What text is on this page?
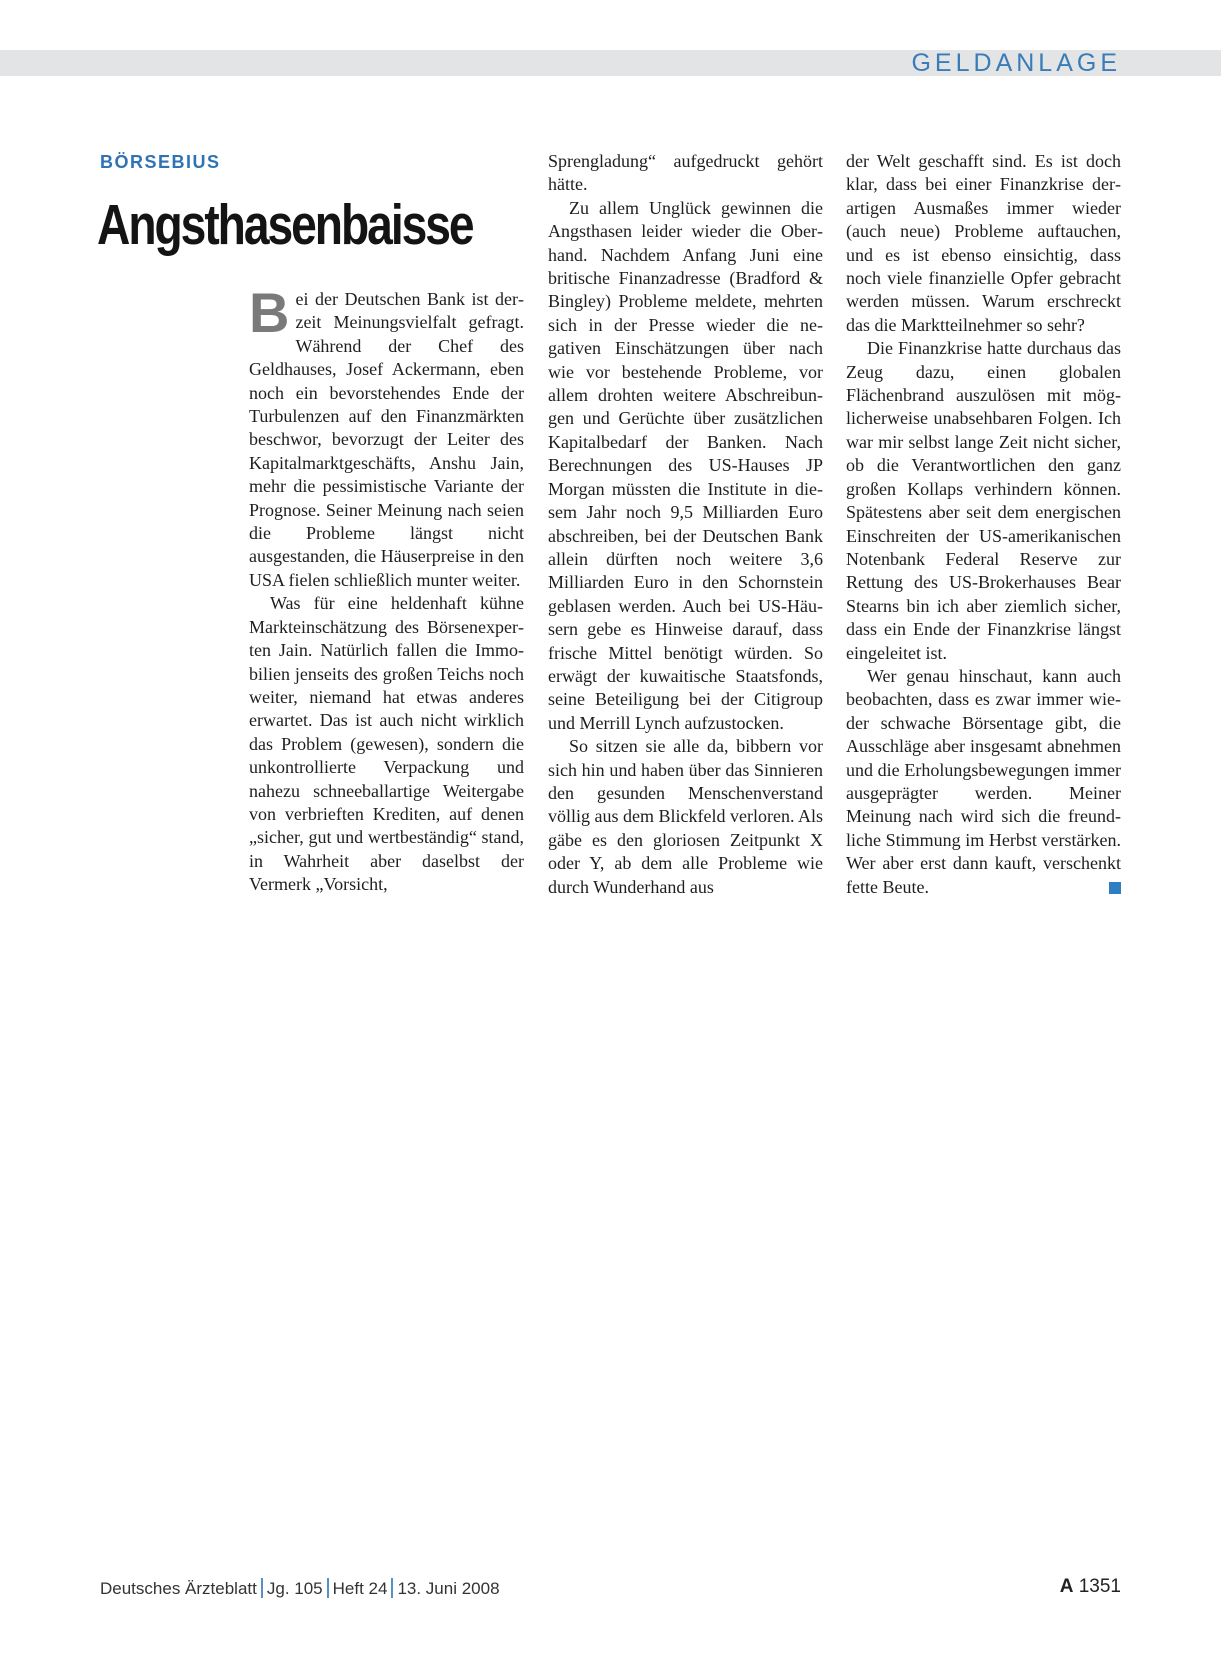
GELDANLAGE
BÖRSEBIUS
Angsthasenbaisse

Bei der Deutschen Bank ist derzeit Meinungsvielfalt gefragt. Während der Chef des Geldhauses, Josef Ackermann, eben noch ein bevorstehendes Ende der Turbulenzen auf den Finanzmärkten beschwor, bevorzugt der Leiter des Kapitalmarktgeschäfts, Anshu Jain, mehr die pessimistische Variante der Prognose. Seiner Meinung nach seien die Probleme längst nicht ausgestanden, die Häuserpreise in den USA fielen schließlich munter weiter.

Was für eine heldenhaft kühne Markteinschätzung des Börsenexperten Jain. Natürlich fallen die Immobilien jenseits des großen Teichs noch weiter, niemand hat etwas anderes erwartet. Das ist auch nicht wirklich das Problem (gewesen), sondern die unkontrollierte Verpackung und nahezu schneeballartige Weitergabe von verbrieften Krediten, auf denen „sicher, gut und wertbeständig“ stand, in Wahrheit aber daselbst der Vermerk „Vorsicht,

Sprengladung“ aufgedruckt gehört hätte.

Zu allem Unglück gewinnen die Angsthasen leider wieder die Oberhand. Nachdem Anfang Juni eine britische Finanzadresse (Bradford & Bingley) Probleme meldete, mehrten sich in der Presse wieder die negativen Einschätzungen über nach wie vor bestehende Probleme, vor allem drohten weitere Abschreibungen und Gerüchte über zusätzlichen Kapitalbedarf der Banken. Nach Berechnungen des US-Hauses JP Morgan müssten die Institute in diesem Jahr noch 9,5 Milliarden Euro abschreiben, bei der Deutschen Bank allein dürften noch weitere 3,6 Milliarden Euro in den Schornstein geblasen werden. Auch bei US-Häusern gebe es Hinweise darauf, dass frische Mittel benötigt würden. So erwägt der kuwaitische Staatsfonds, seine Beteiligung bei der Citigroup und Merrill Lynch aufzustocken.

So sitzen sie alle da, bibbern vor sich hin und haben über das Sinnieren den gesunden Menschenverstand völlig aus dem Blickfeld verloren. Als gäbe es den gloriosen Zeitpunkt X oder Y, ab dem alle Probleme wie durch Wunderhand aus

der Welt geschafft sind. Es ist doch klar, dass bei einer Finanzkrise derartigen Ausmaßes immer wieder (auch neue) Probleme auftauchen, und es ist ebenso einsichtig, dass noch viele finanzielle Opfer gebracht werden müssen. Warum erschreckt das die Marktteilnehmer so sehr?

Die Finanzkrise hatte durchaus das Zeug dazu, einen globalen Flächenbrand auszulösen mit möglicherweise unabsehbaren Folgen. Ich war mir selbst lange Zeit nicht sicher, ob die Verantwortlichen den ganz großen Kollaps verhindern können. Spätestens aber seit dem energischen Einschreiten der US-amerikanischen Notenbank Federal Reserve zur Rettung des US-Brokerhauses Bear Stearns bin ich aber ziemlich sicher, dass ein Ende der Finanzkrise längst eingeleitet ist.

Wer genau hinschaut, kann auch beobachten, dass es zwar immer wieder schwache Börsentage gibt, die Ausschläge aber insgesamt abnehmen und die Erholungsbewegungen immer ausgeprägter werden. Meiner Meinung nach wird sich die freundliche Stimmung im Herbst verstärken. Wer aber erst dann kauft, verschenkt fette Beute.

Deutsches Ärzteblatt Jg. 105 Heft 24 13. Juni 2008	A 1351
